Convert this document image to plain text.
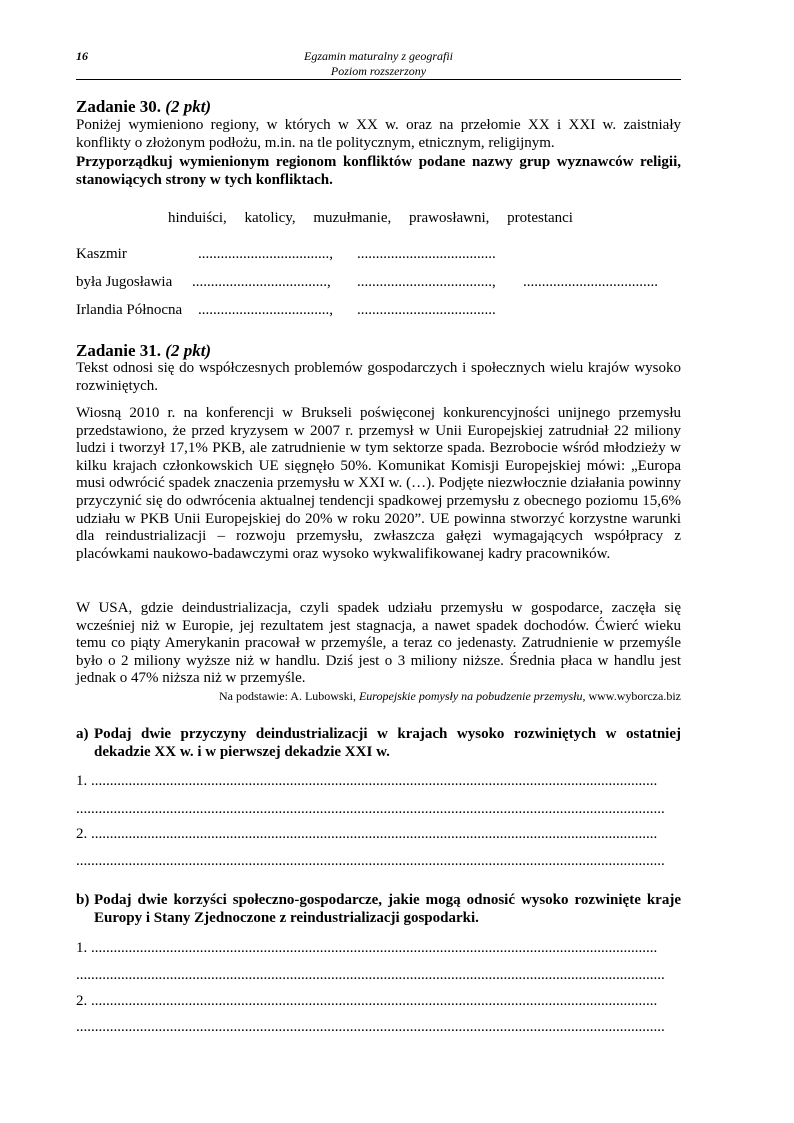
16	Egzamin maturalny z geografii
Poziom rozszerzony
Zadanie 30. (2 pkt)

Poniżej wymieniono regiony, w których w XX w. oraz na przełomie XX i XXI w. zaistniały konflikty o złożonym podłożu, m.in. na tle politycznym, etnicznym, religijnym.

Przyporządkuj wymienionym regionom konfliktów podane nazwy grup wyznawców religii, stanowiących strony w tych konfliktach.

hinduiści, katolicy, muzułmanie, prawosławni, protestanci
Kaszmir	..................................., .....................................
była Jugosławia ...................................., ...................................., ....................................
Irlandia Północna ..................................., .....................................
Zadanie 31. (2 pkt)

Tekst odnosi się do współczesnych problemów gospodarczych i społecznych wielu krajów wysoko rozwiniętych.

Wiosną 2010 r. na konferencji w Brukseli poświęconej konkurencyjności unijnego przemysłu przedstawiono, że przed kryzysem w 2007 r. przemysł w Unii Europejskiej zatrudniał 22 miliony ludzi i tworzył 17,1% PKB, ale zatrudnienie w tym sektorze spada. Bezrobocie wśród młodzieży w kilku krajach członkowskich UE sięgnęło 50%. Komunikat Komisji Europejskiej mówi: „Europa musi odwrócić spadek znaczenia przemysłu w XXI w. (…). Podjęte niezwłocznie działania powinny przyczynić się do odwrócenia aktualnej tendencji spadkowej przemysłu z obecnego poziomu 15,6% udziału w PKB Unii Europejskiej do 20% w roku 2020”. UE powinna stworzyć korzystne warunki dla reindustrializacji – rozwoju przemysłu, zwłaszcza gałęzi wymagających współpracy z placówkami naukowo-badawczymi oraz wysoko wykwalifikowanej kadry pracowników.

W USA, gdzie deindustrializacja, czyli spadek udziału przemysłu w gospodarce, zaczęła się wcześniej niż w Europie, jej rezultatem jest stagnacja, a nawet spadek dochodów. Ćwierć wieku temu co piąty Amerykanin pracował w przemyśle, a teraz co jedenasty. Zatrudnienie w przemyśle było o 2 miliony wyższe niż w handlu. Dziś jest o 3 miliony niższe. Średnia płaca w handlu jest jednak o 47% niższa niż w przemyśle.

Na podstawie: A. Lubowski, Europejskie pomysły na pobudzenie przemysłu, www.wyborcza.biz
a) Podaj dwie przyczyny deindustrializacji w krajach wysoko rozwiniętych w ostatniej dekadzie XX w. i w pierwszej dekadzie XXI w.
1. .......................................................................................................................................................
.............................................................................................................................................................
2. .......................................................................................................................................................
.............................................................................................................................................................
b) Podaj dwie korzyści społeczno-gospodarcze, jakie mogą odnosić wysoko rozwinięte kraje Europy i Stany Zjednoczone z reindustrializacji gospodarki.
1. .......................................................................................................................................................
.............................................................................................................................................................
2. .......................................................................................................................................................
.............................................................................................................................................................
